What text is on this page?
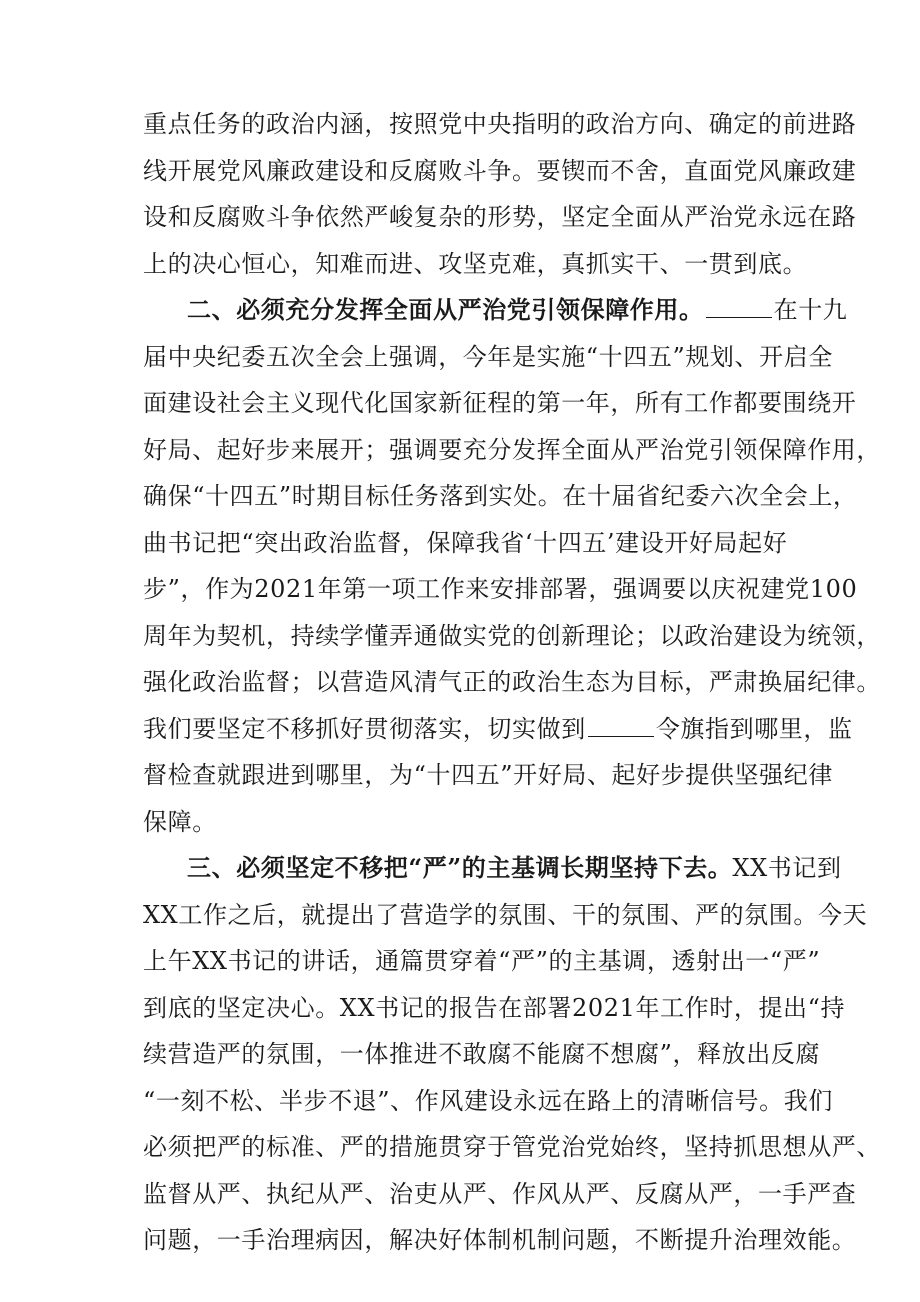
重点任务的政治内涵，按照党中央指明的政治方向、确定的前进路
线开展党风廉政建设和反腐败斗争。要锲而不舍，直面党风廉政建
设和反腐败斗争依然严峻复杂的形势，坚定全面从严治党永远在路
上的决心恒心，知难而进、攻坚克难，真抓实干、一贯到底。
二、必须充分发挥全面从严治党引领保障作用。	在十九
届中央纪委五次全会上强调，今年是实施“十四五”规划、开启全
面建设社会主义现代化国家新征程的第一年，所有工作都要围绕开
好局、起好步来展开；强调要充分发挥全面从严治党引领保障作用，
确保“十四五”时期目标任务落到实处。在十届省纪委六次全会上，
曲书记把“突出政治监督，保障我省‘十四五’建设开好局起好
步”，作为2021年第一项工作来安排部署，强调要以庆祝建党100
周年为契机，持续学懂弄通做实党的创新理论；以政治建设为统领，
强化政治监督；以营造风清气正的政治生态为目标，严肃换届纪律。
我们要坚定不移抓好贯彻落实，切实做到	令旗指到哪里，监
督检查就跟进到哪里，为“十四五”开好局、起好步提供坚强纪律
保障。
三、必须坚定不移把“严”的主基调长期坚持下去。XX书记到
XX工作之后，就提出了营造学的氛围、干的氛围、严的氛围。今天
上午XX书记的讲话，通篇贯穿着“严”的主基调，透射出一“严”
到底的坚定决心。XX书记的报告在部署2021年工作时，提出“持
续营造严的氛围，一体推进不敢腐不能腐不想腐”，释放出反腐
“一刻不松、半步不退”、作风建设永远在路上的清晰信号。我们
必须把严的标准、严的措施贯穿于管党治党始终，坚持抓思想从严、
监督从严、执纪从严、治吏从严、作风从严、反腐从严，一手严查
问题，一手治理病因，解决好体制机制问题，不断提升治理效能。
